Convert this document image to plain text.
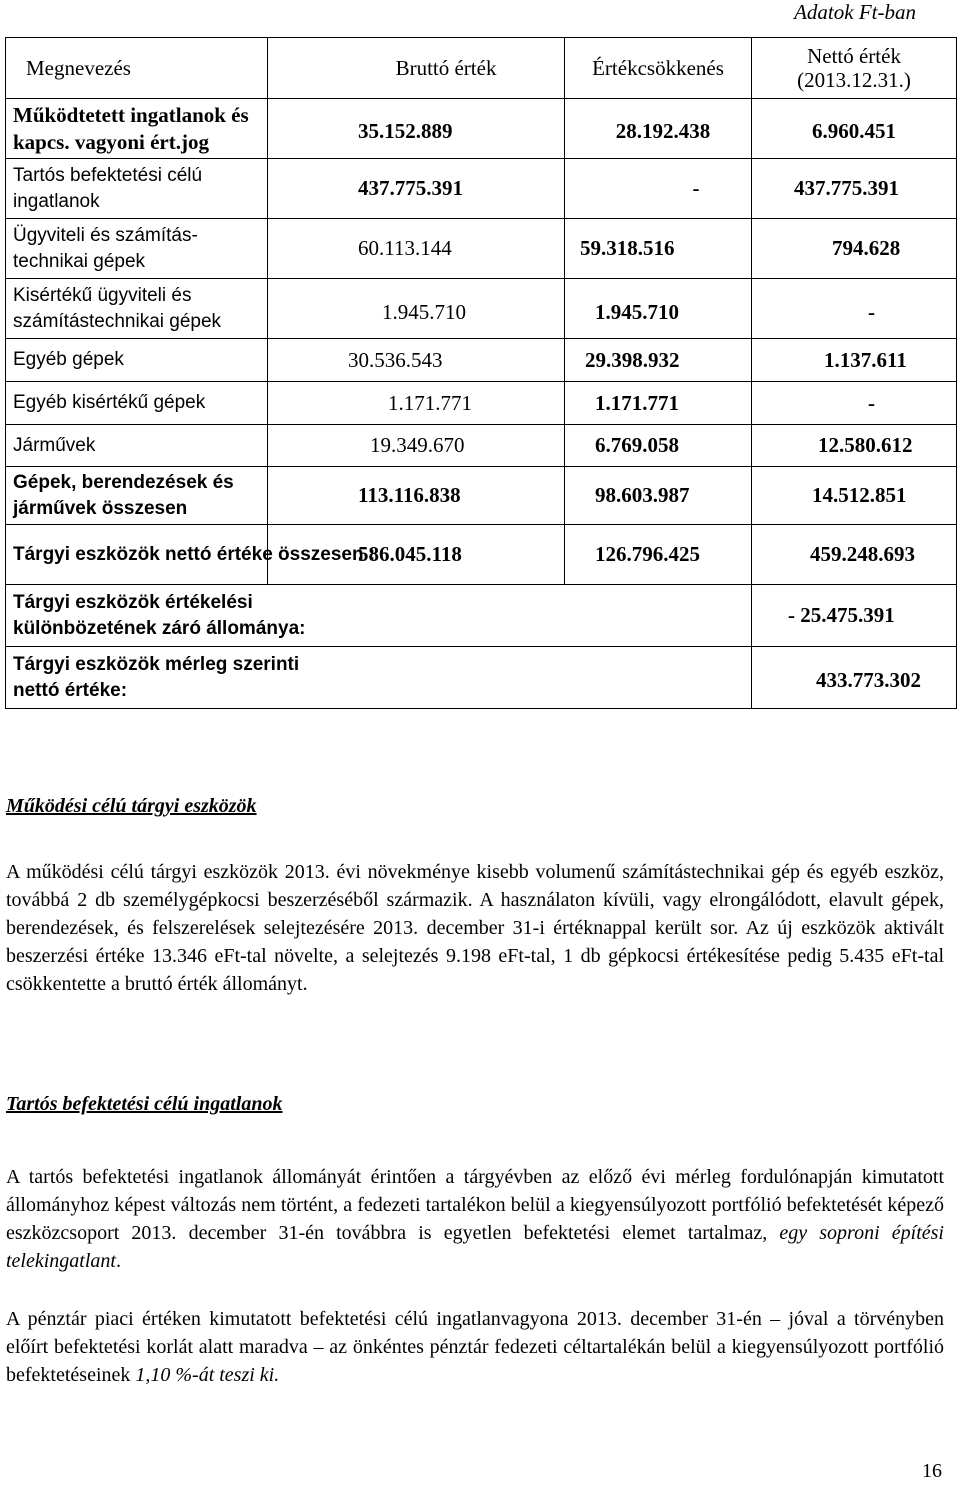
Adatok Ft-ban
Megnevezés	Bruttó érték	Értékcsökkenés	Nettó érték
(2013.12.31.)

Működtetett ingatlanok és kapcs. vagyoni ért.jog	35.152.889	28.192.438	6.960.451
Tartós befektetési célú ingatlanok	437.775.391	-	437.775.391
Ügyviteli és számítás-technikai gépek	60.113.144	59.318.516	794.628
Kisértékű ügyviteli és számítástechnikai gépek	1.945.710	1.945.710	-
Egyéb gépek	30.536.543	29.398.932	1.137.611
Egyéb kisértékű gépek	1.171.771	1.171.771	-
Járművek	19.349.670	6.769.058	12.580.612
Gépek, berendezések és járművek összesen	113.116.838	98.603.987	14.512.851
Tárgyi eszközök nettó értéke összesen :	586.045.118	126.796.425	459.248.693
Tárgyi eszközök értékelési különbözetének záró állománya:			- 25.475.391
Tárgyi eszközök mérleg szerinti nettó értéke:			433.773.302
Működési célú tárgyi eszközök
A működési célú tárgyi eszközök 2013. évi növekménye kisebb volumenű számítástechnikai gép és egyéb eszköz, továbbá 2 db személygépkocsi beszerzéséből származik. A használaton kívüli, vagy elrongálódott, elavult gépek, berendezések, és felszerelések selejtezésére 2013. december 31-i értéknappal került sor. Az új eszközök aktivált beszerzési értéke 13.346 eFt-tal növelte, a selejtezés 9.198 eFt-tal, 1 db gépkocsi értékesítése pedig 5.435 eFt-tal csökkentette a bruttó érték állományt.
Tartós befektetési célú ingatlanok
A tartós befektetési ingatlanok állományát érintően a tárgyévben az előző évi mérleg fordulónapján kimutatott állományhoz képest változás nem történt, a fedezeti tartalékon belül a kiegyensúlyozott portfólió befektetését képező eszközcsoport 2013. december 31-én továbbra is egyetlen befektetési elemet tartalmaz, egy soproni építési telekingatlant.
A pénztár piaci értéken kimutatott befektetési célú ingatlanvagyona 2013. december 31-én – jóval a törvényben előírt befektetési korlát alatt maradva – az önkéntes pénztár fedezeti céltartalékán belül a kiegyensúlyozott portfólió befektetéseinek 1,10 %-át teszi ki.
16
